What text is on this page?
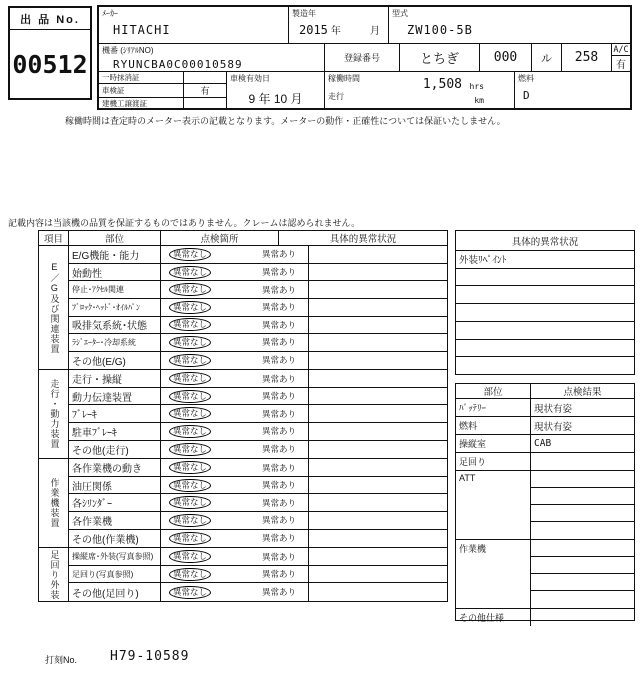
出 品 No.
00512
ﾒｰｶｰ
HITACHI
製造年
2015 年	月
型式
ZW100-5B
機番 (ｼﾘｱﾙNO)
RYUNCBA0C00010589	登録番号	とちぎ	000	ル	258
A/C
有
一時抹消証
車検証	有
建機工譲渡証
車検有効日
9 年 10 月
稼働時間	1,508 hrs
走行	km
燃料
D
稼働時間は査定時のメーター表示の記載となります。メーターの動作・正確性については保証いたしません。
記載内容は当該機の品質を保証するものではありません。クレームは認められません。
項目	部位	点検箇所	具体的異常状況
E／G及び関連装置
E/G機能・能力	異常なし	異常あり
始動性	異常なし	異常あり
停止･ｱｸｾﾙ関連	異常なし	異常あり
ﾌﾞﾛｯｸ･ﾍｯﾄﾞ･ｵｲﾙﾊﾟﾝ	異常なし	異常あり
吸排気系統･状態	異常なし	異常あり
ﾗｼﾞｴｰﾀｰ･冷却系統	異常なし	異常あり
その他(E/G)	異常なし	異常あり
走行・動力装置	走行・操縦	異常なし	異常あり
動力伝達装置	異常なし	異常あり
ﾌﾞﾚｰｷ	異常なし	異常あり
駐車ﾌﾞﾚｰｷ	異常なし	異常あり
その他(走行)	異常なし	異常あり
作業機装置
各作業機の動き	異常なし	異常あり
油圧関係	異常なし	異常あり
各ｼﾘﾝﾀﾞｰ	異常なし	異常あり
各作業機	異常なし	異常あり
その他(作業機)	異常なし	異常あり
足回り外装	操縦席･外装(写真参照)	異常なし	異常あり
足回り(写真参照)	異常なし	異常あり
その他(足回り)	異常なし	異常あり
具体的異常状況
外装ﾘﾍﾟｲﾝﾄ
部位	点検結果
ﾊﾞｯﾃﾘｰ	現状有姿
燃料	現状有姿
操縦室	CAB
足回り
ATT
作業機
その他仕様
打刻No.	H79-10589
